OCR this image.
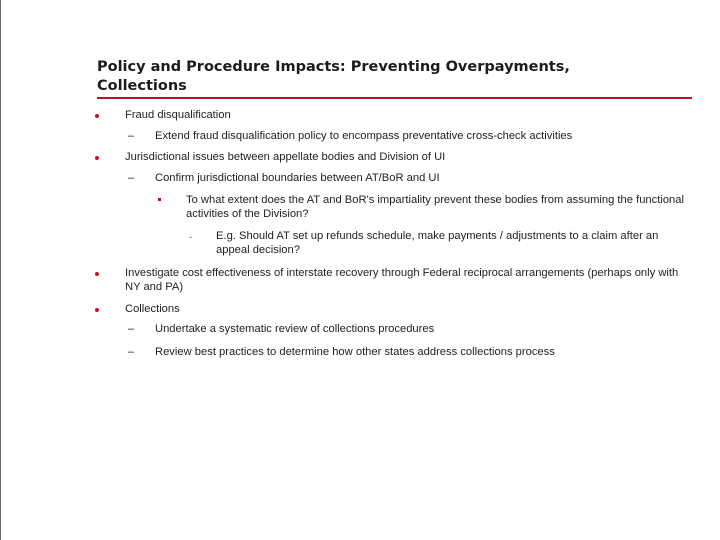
Policy and Procedure Impacts: Preventing Overpayments,
Collections
Fraud disqualification
– Extend fraud disqualification policy to encompass preventative cross-check activities
Jurisdictional issues between appellate bodies and Division of UI
– Confirm jurisdictional boundaries between AT/BoR and UI
To what extent does the AT and BoR's impartiality prevent these bodies from assuming the functional activities of the Division?
- E.g. Should AT set up refunds schedule, make payments / adjustments to a claim after an appeal decision?
Investigate cost effectiveness of interstate recovery through Federal reciprocal arrangements (perhaps only with NY and PA)
Collections
– Undertake a systematic review of collections procedures
– Review best practices to determine how other states address collections process
